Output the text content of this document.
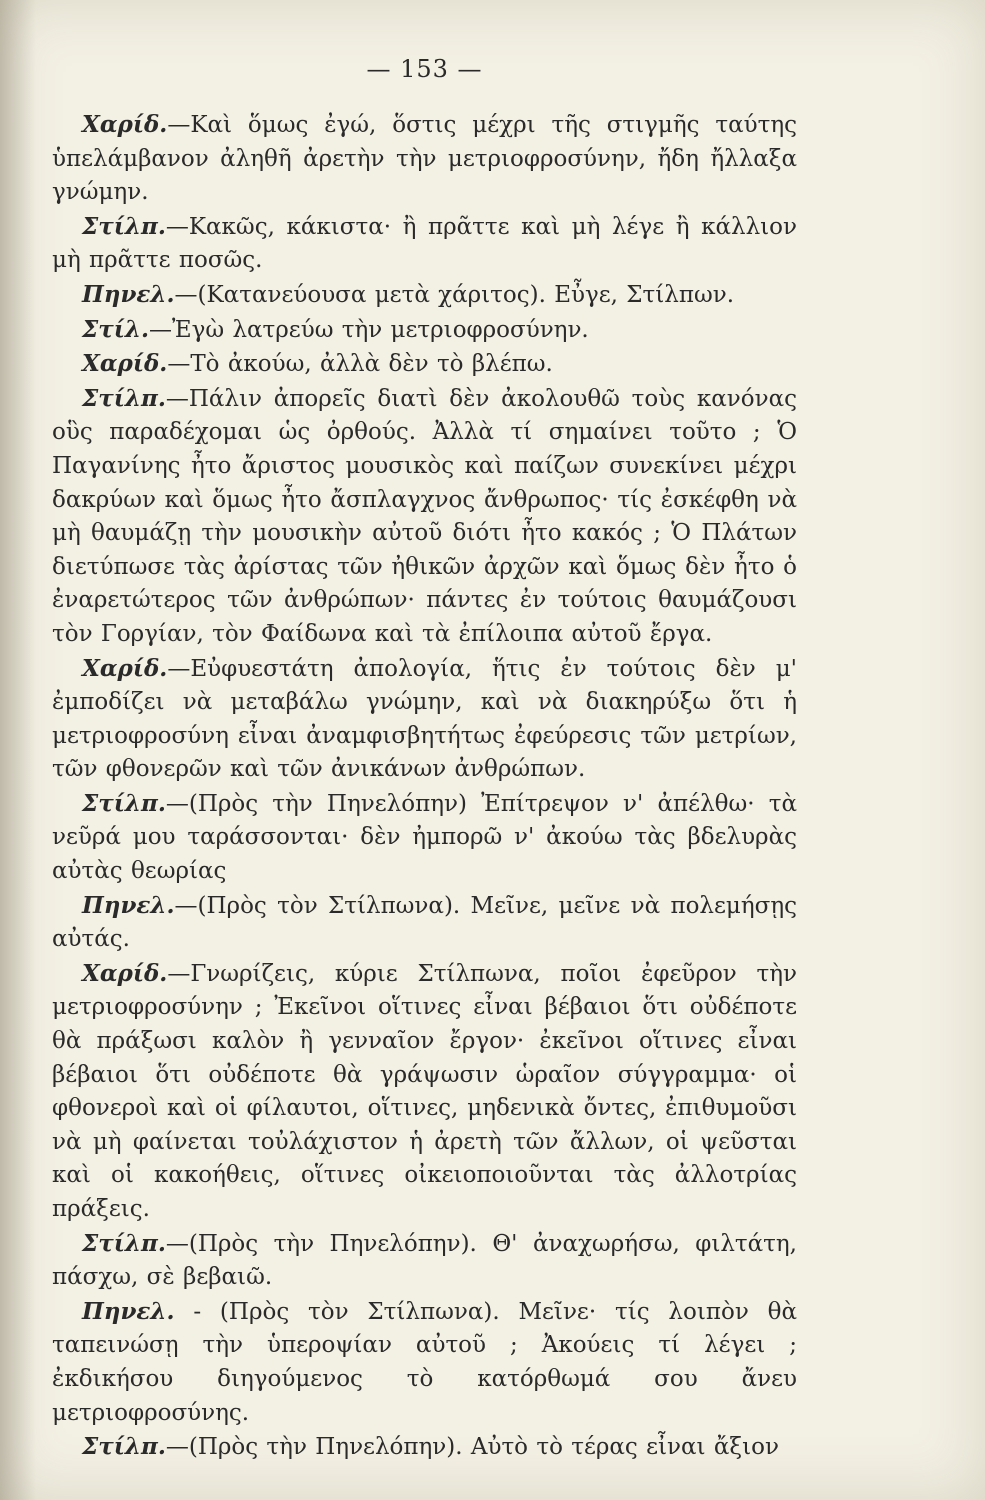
— 153 —

Χαρίδ.—Καὶ ὅμως ἐγώ, ὅστις μέχρι τῆς στιγμῆς ταύτης ὑπελάμβανον ἀληθῆ ἀρετὴν τὴν μετριοφροσύνην, ἤδη ἤλλαξα γνώμην.

Στίλπ.—Κακῶς, κάκιστα· ἢ πρᾶττε καὶ μὴ λέγε ἢ κάλλιον μὴ πρᾶττε ποσῶς.

Πηνελ.—(Κατανεύουσα μετὰ χάριτος). Εὖγε, Στίλπων.

Στίλ.—Ἐγὼ λατρεύω τὴν μετριοφροσύνην.

Χαρίδ.—Τὸ ἀκούω, ἀλλὰ δὲν τὸ βλέπω.

Στίλπ.—Πάλιν ἀπορεῖς διατὶ δὲν ἀκολουθῶ τοὺς κανόνας οὓς παραδέχομαι ὡς ὀρθούς. Ἀλλὰ τί σημαίνει τοῦτο ; Ὁ Παγανίνης ἦτο ἄριστος μουσικὸς καὶ παίζων συνεκίνει μέχρι δακρύων καὶ ὅμως ἦτο ἄσπλαγχνος ἄνθρωπος· τίς ἐσκέφθη νὰ μὴ θαυμάζῃ τὴν μουσικὴν αὐτοῦ διότι ἦτο κακός ; Ὁ Πλάτων διετύπωσε τὰς ἀρίστας τῶν ἠθικῶν ἀρχῶν καὶ ὅμως δὲν ἦτο ὁ ἐναρετώτερος τῶν ἀνθρώπων· πάντες ἐν τούτοις θαυμάζουσι τὸν Γοργίαν, τὸν Φαίδωνα καὶ τὰ ἐπίλοιπα αὐτοῦ ἔργα.

Χαρίδ.—Εὐφυεστάτη ἀπολογία, ἥτις ἐν τούτοις δὲν μ' ἐμποδίζει νὰ μεταβάλω γνώμην, καὶ νὰ διακηρύξω ὅτι ἡ μετριοφροσύνη εἶναι ἀναμφισβητήτως ἐφεύρεσις τῶν μετρίων, τῶν φθονερῶν καὶ τῶν ἀνικάνων ἀνθρώπων.

Στίλπ.—(Πρὸς τὴν Πηνελόπην) Ἐπίτρεψον ν' ἀπέλθω· τὰ νεῦρά μου ταράσσονται· δὲν ἠμπορῶ ν' ἀκούω τὰς βδελυρὰς αὐτὰς θεωρίας

Πηνελ.—(Πρὸς τὸν Στίλπωνα). Μεῖνε, μεῖνε νὰ πολεμήσῃς αὐτάς.

Χαρίδ.—Γνωρίζεις, κύριε Στίλπωνα, ποῖοι ἐφεῦρον τὴν μετριοφροσύνην ; Ἐκεῖνοι οἵτινες εἶναι βέβαιοι ὅτι οὐδέποτε θὰ πράξωσι καλὸν ἢ γενναῖον ἔργον· ἐκεῖνοι οἵτινες εἶναι βέβαιοι ὅτι οὐδέποτε θὰ γράψωσιν ὡραῖον σύγγραμμα· οἱ φθονεροὶ καὶ οἱ φίλαυτοι, οἵτινες, μηδενικὰ ὄντες, ἐπιθυμοῦσι νὰ μὴ φαίνεται τοὐλάχιστον ἡ ἀρετὴ τῶν ἄλλων, οἱ ψεῦσται καὶ οἱ κακοήθεις, οἵτινες οἰκειοποιοῦνται τὰς ἀλλοτρίας πράξεις.

Στίλπ.—(Πρὸς τὴν Πηνελόπην). Θ' ἀναχωρήσω, φιλτάτη, πάσχω, σὲ βεβαιῶ.

Πηνελ. - (Πρὸς τὸν Στίλπωνα). Μεῖνε· τίς λοιπὸν θὰ ταπεινώσῃ τὴν ὑπεροψίαν αὐτοῦ ; Ἀκούεις τί λέγει ; ἐκδικήσου διηγούμενος τὸ κατόρθωμά σου ἄνευ μετριοφροσύνης.

Στίλπ.—(Πρὸς τὴν Πηνελόπην). Αὐτὸ τὸ τέρας εἶναι ἄξιον
